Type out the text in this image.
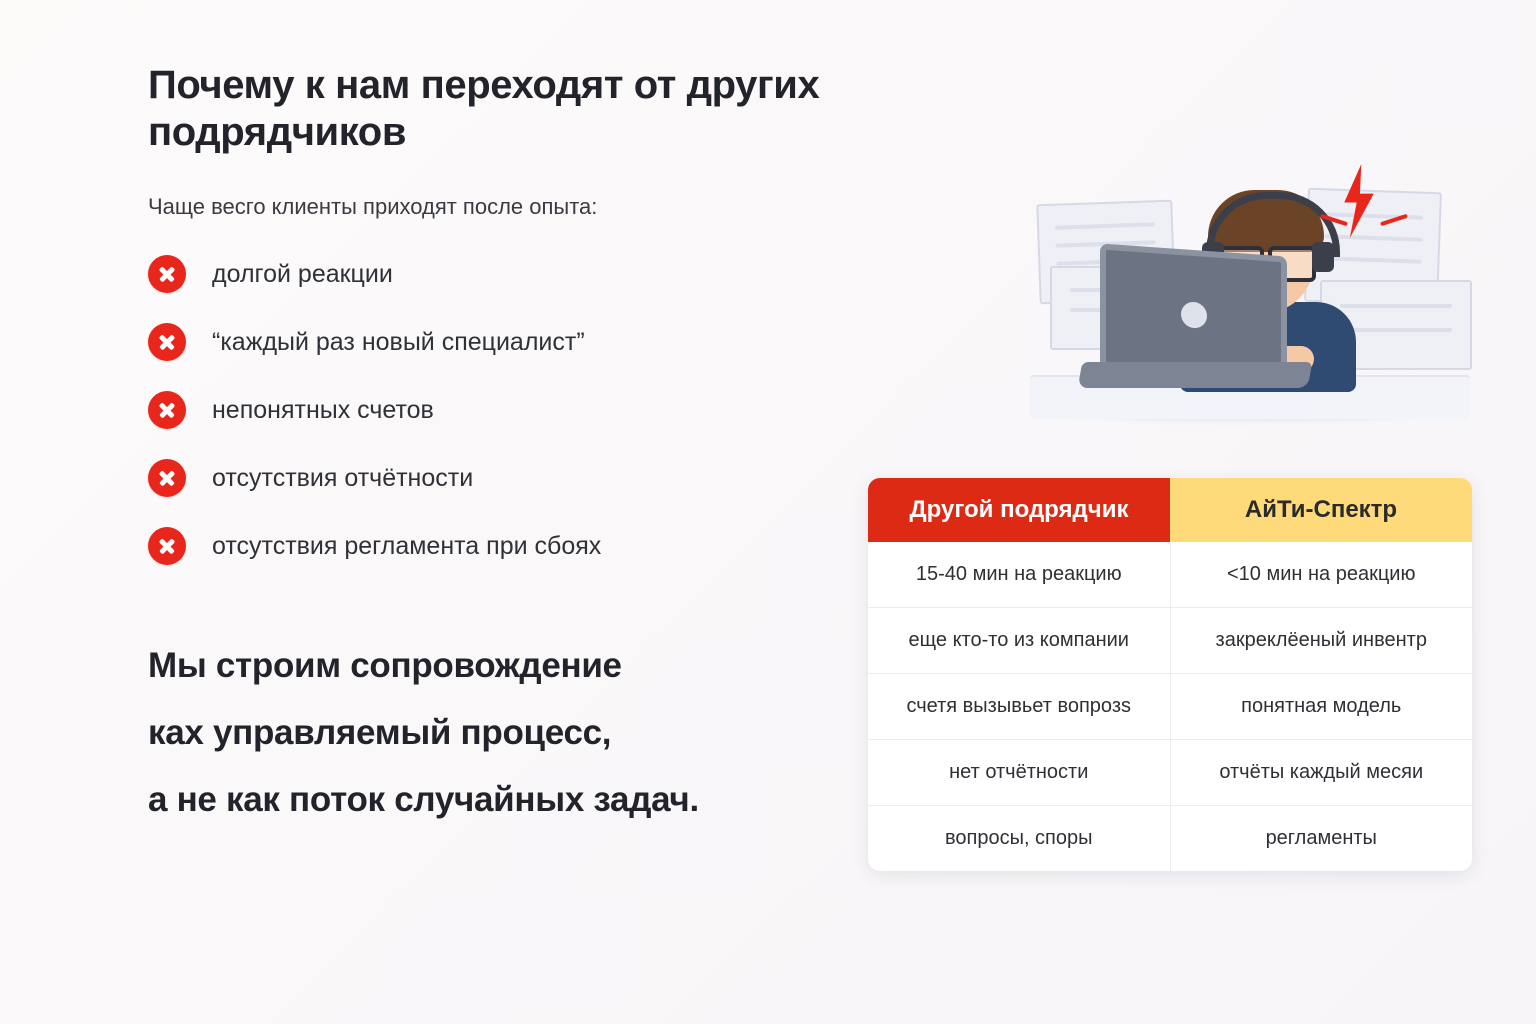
Почему к нам переходят от других подрядчиков

Чаще весго клиенты приходят после опыта:

долгой реакции
“каждый раз новый специалист”
непонятных счетов
отсутствия отчётности
отсутствия регламента при сбоях
Мы строим сопровождение
ках управляемый процесс,
а не как поток случайных задач.
Другой подрядчик	АйТи-Спектр
15-40 мин на реакцию	<10 мин на реакцию
еще кто-то из компании	закреклёеный инвентр
счетя вызывьет вопрозs	понятная модель
нет отчётности	отчёты каждый месяи
вопросы, споры	регламенты
